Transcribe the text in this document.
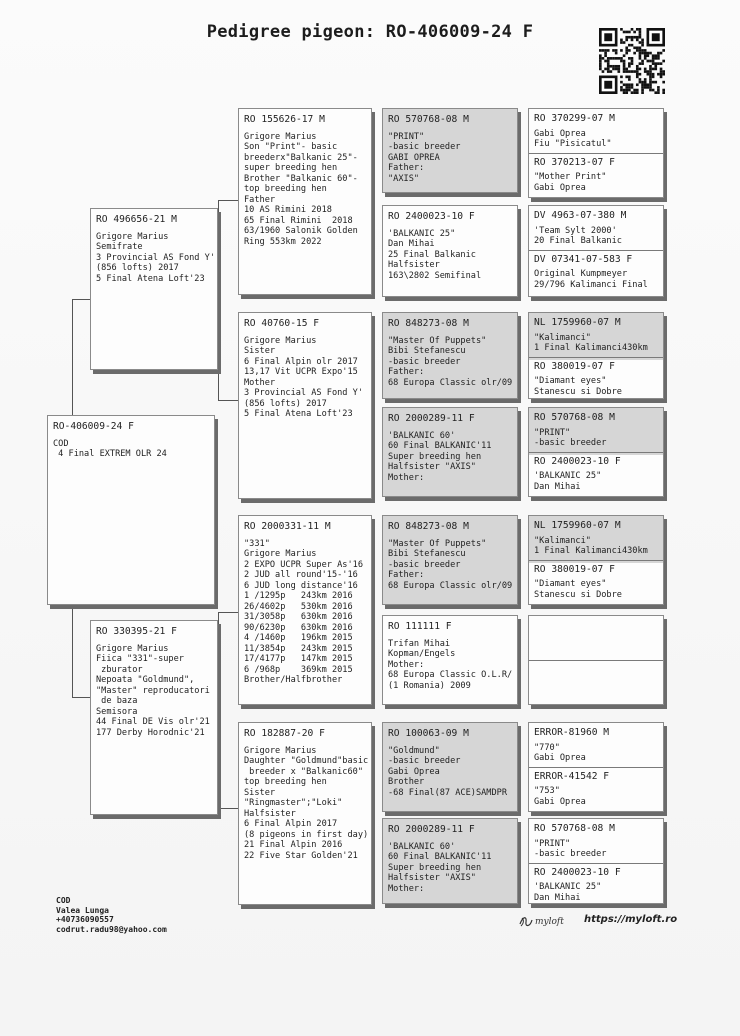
Pedigree pigeon: RO-406009-24 F
RO-406009-24 F
COD
4 Final EXTREM OLR 24
RO 496656-21 M
Grigore Marius
Semifrate
3 Provincial AS Fond Y'
(856 lofts) 2017
5 Final Atena Loft'23
RO 330395-21 F
Grigore Marius
Fiica "331"-super
zburator
Nepoata "Goldmund",
"Master" reproducatori
de baza
Semisora
44 Final DE Vis olr'21
177 Derby Horodnic'21
RO 155626-17 M
Grigore Marius
Son "Print"- basic
breederx"Balkanic 25"-
super breeding hen
Brother "Balkanic 60"-
top breeding hen
Father
10 AS Rimini 2018
65 Final Rimini  2018
63/1960 Salonik Golden
Ring 553km 2022
RO 40760-15 F
Grigore Marius
Sister
6 Final Alpin olr 2017
13,17 Vit UCPR Expo'15
Mother
3 Provincial AS Fond Y'
(856 lofts) 2017
5 Final Atena Loft'23
RO 2000331-11 M
"331"
Grigore Marius
2 EXPO UCPR Super As'16
2 JUD all round'15-'16
6 JUD long distance'16
1 /1295p   243km 2016
26/4602p   530km 2016
31/3058p   630km 2016
90/6230p   630km 2016
4 /1460p   196km 2015
11/3854p   243km 2015
17/4177p   147km 2015
6 /968p    369km 2015
Brother/Halfbrother
RO 182887-20 F
Grigore Marius
Daughter "Goldmund"basic
breeder x "Balkanic60"
top breeding hen
Sister
"Ringmaster";"Loki"
Halfsister
6 Final Alpin 2017
(8 pigeons in first day)
21 Final Alpin 2016
22 Five Star Golden'21
RO 570768-08 M
"PRINT"
-basic breeder
GABI OPREA
Father:
"AXIS"
RO 2400023-10 F
'BALKANIC 25"
Dan Mihai
25 Final Balkanic
Halfsister
163\2802 Semifinal
RO 848273-08 M
"Master Of Puppets"
Bibi Stefanescu
-basic breeder
Father:
68 Europa Classic olr/09
RO 2000289-11 F
'BALKANIC 60'
60 Final BALKANIC'11
Super breeding hen
Halfsister "AXIS"
Mother:
RO 848273-08 M
"Master Of Puppets"
Bibi Stefanescu
-basic breeder
Father:
68 Europa Classic olr/09
RO 111111 F
Trifan Mihai
Kopman/Engels
Mother:
68 Europa Classic O.L.R/
(1 Romania) 2009
RO 100063-09 M
"Goldmund"
-basic breeder
Gabi Oprea
Brother
-68 Final(87 ACE)SAMDPR
RO 2000289-11 F
'BALKANIC 60'
60 Final BALKANIC'11
Super breeding hen
Halfsister "AXIS"
Mother:
RO 370299-07 M
Gabi Oprea
Fiu "Pisicatul"
RO 370213-07 F
"Mother Print"
Gabi Oprea
DV 4963-07-380 M
'Team Sylt 2000'
20 Final Balkanic
DV 07341-07-583 F
Original Kumpmeyer
29/796 Kalimanci Final
NL 1759960-07 M
"Kalimanci"
1 Final Kalimanci430km
RO 380019-07 F
"Diamant eyes"
Stanescu si Dobre
RO 570768-08 M
"PRINT"
-basic breeder
RO 2400023-10 F
'BALKANIC 25"
Dan Mihai
NL 1759960-07 M
"Kalimanci"
1 Final Kalimanci430km
RO 380019-07 F
"Diamant eyes"
Stanescu si Dobre
ERROR-81960 M
"770"
Gabi Oprea
ERROR-41542 F
"753"
Gabi Oprea
RO 570768-08 M
"PRINT"
-basic breeder
RO 2400023-10 F
'BALKANIC 25"
Dan Mihai
COD
Valea Lunga
+40736090557
codrut.radu98@yahoo.com
myloft https://myloft.ro
